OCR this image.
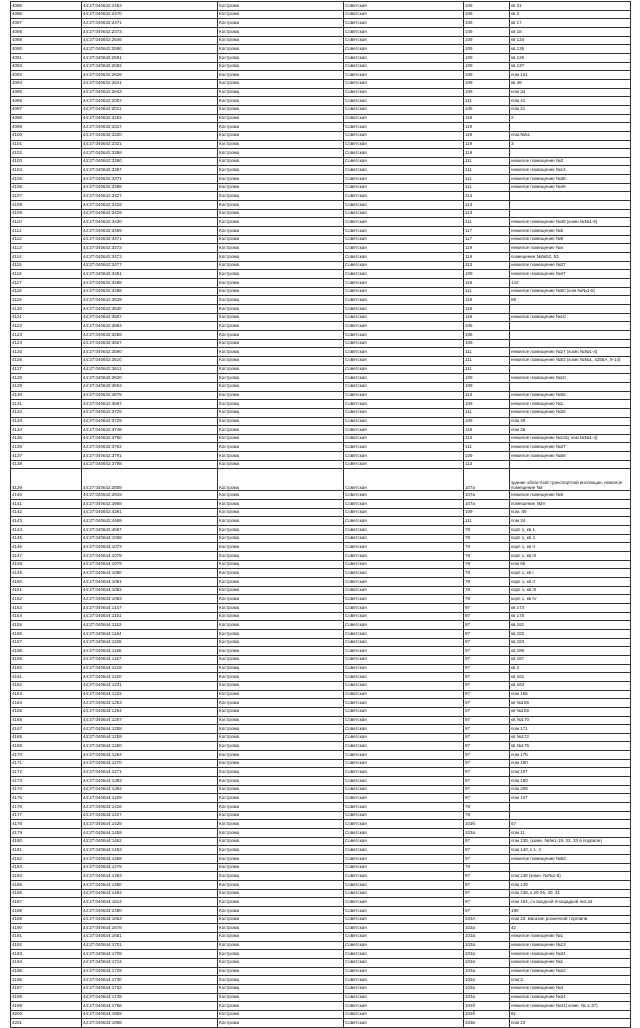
4085	44:27:040642:2463	Кострома	Советская	109	кв 31
4086	44:27:040642:2470	Кострома	Советская	109	кв 2
4087	44:27:040642:2471	Кострома	Советская	109	кв 17
4088	44:27:040642:2473	Кострома	Советская	109	кв 18
4089	44:27:040642:2546	Кострома	Советская	109	кв 134
4090	44:27:040642:2590	Кострома	Советская	109	кв 135
4091	44:27:040642:2591	Кострома	Советская	109	кв 136
4092	44:27:040642:2592	Кострома	Советская	109	кв 137
4093	44:27:040642:2628	Кострома	Советская	109	пом 131
4094	44:27:040642:2641	Кострома	Советская	109	кв 48
4095	44:27:040642:2643	Кострома	Советская	109	пом 34
4096	44:27:040642:2007	Кострома	Советская	111	пом 41
4097	44:27:040642:2011	Кострома	Советская	105	пом 21
4098	44:27:040642:3262	Кострома	Советская	119	2
4099	44:27:040642:3317	Кострома	Советская	119	
4100	44:27:040642:3320	Кострома	Советская	119	пом.№51
4101	44:27:040642:3321	Кострома	Советская	119	3
4102	44:27:040642:3358	Кострома	Советская	119	
4103	44:27:040642:3360	Кострома	Советская	111	нежилое помещение №3
4104	44:27:040642:3367	Кострома	Советская	111	нежилое помещение №14
4105	44:27:040642:3371	Кострома	Советская	111	нежилое помещение №38
4106	44:27:040642:3396	Кострома	Советская	111	нежилое помещение №46
4107	44:27:040642:3427	Кострома	Советская	113	
4108	44:27:040642:3428	Кострома	Советская	113	
4109	44:27:040642:3429	Кострома	Советская	113	
4110	44:27:040642:3430	Кострома	Советская	111	нежилое помещение №49 (комн.№№1-5)
4111	44:27:040642:3469	Кострома	Советская	117	нежилое помещение №5
4112	44:27:040642:3471	Кострома	Советская	117	нежилое помещение №9
4113	44:27:040642:3472	Кострома	Советская	119	нежилое помещение №4
4114	44:27:040642:3473	Кострома	Советская	119	помещение №№52, 53
4115	44:27:040642:3477	Кострома	Советская	113	нежилое помещение №27
4116	44:27:040642:3481	Кострома	Советская	109	нежилое помещение №47
4117	44:27:040642:3488	Кострома	Советская	119	143
4118	44:27:040642:3496	Кострома	Советская	111	нежилое помещение №50 (ком.№№1-5)
4119	44:27:040642:3529	Кострома	Советская	119	69
4120	44:27:040642:3530	Кострома	Советская	119	
4121	44:27:040642:3557	Кострома	Советская	119	нежилое помещение №10
4122	44:27:040642:3564	Кострома	Советская	105	
4123	44:27:040642:3568	Кострома	Советская	105	
4124	44:27:040642:3567	Кострома	Советская	109	
4125	44:27:040642:3590	Кострома	Советская	111	нежилое помещение №27 (комн.№№1-4)
4126	44:27:040642:3610	Кострома	Советская	111	нежилое помещение №53 (комн.№№1, 4255А, 9-14)
4127	44:27:040642:3611	Кострома	Советская	111	
4128	44:27:040642:3620	Кострома	Советская	109	нежилое помещение №10
4129	44:27:040642:3653	Кострома	Советская	109	
4130	44:27:040642:3675	Кострома	Советская	113	нежилое помещение №55
4131	44:27:040642:3697	Кострома	Советская	109	нежилое помещение №1
4132	44:27:040642:3726	Кострома	Советская	111	нежилое помещение №26
4133	44:27:040642:3729	Кострома	Советская	109	пом 48
4134	44:27:040642:3748	Кострома	Советская	119	пом 28
4135	44:27:040642:3750	Кострома	Советская	113	нежилое помещение №131( ком.№№1-4)
4136	44:27:040642:3754	Кострома	Советская	111	нежилое помещение №47
4137	44:27:040642:3791	Кострома	Советская	109	нежилое помещение №56
4138	44:27:040642:3798	Кострома	Советская	113	
4139	44:27:040642:3808	Кострома	Советская	107а	здание областной транспортной инспекции, нежилое помещение №I
4140	44:27:040642:3919	Кострома	Советская	107а	нежилое помещение №II
4141	44:27:040642:3968	Кострома	Советская	107а	помещение №IV
4142	44:27:040642:4391	Кострома	Советская	109	пом. 89
4143	44:27:040642:4469	Кострома	Советская	111	пом 34
4144	44:27:040642:4667	Кострома	Советская	79	корп 1, кв 1
4145	44:27:040644:1068	Кострома	Советская	79	корп 1, кв 4
4146	44:27:040644:1073	Кострома	Советская	79	корп 1, кв II
4147	44:27:040644:1078	Кострома	Советская	79	корп 1, кв III
4148	44:27:040644:1079	Кострома	Советская	79	пом 65
4149	44:27:040644:1080	Кострома	Советская	79	корп 1, кв I
4150	44:27:040644:1081	Кострома	Советская	79	корп 1, кв II
4151	44:27:040644:1082	Кострома	Советская	79	корп 1, кв III
4152	44:27:040644:1083	Кострома	Советская	79	корп 1, кв IV
4153	44:27:040644:1147	Кострома	Советская	97	кв 174
4154	44:27:040644:1151	Кострома	Советская	97	кв 175
4155	44:27:040644:1152	Кострома	Советская	97	кв 181
4156	44:27:040644:1154	Кострома	Советская	97	кв 182
4157	44:27:040644:1155	Кострома	Советская	97	кв 183
4158	44:27:040644:1156	Кострома	Советская	97	кв 186
4159	44:27:040644:1157	Кострома	Советская	97	кв 187
4160	44:27:040644:1218	Кострома	Советская	97	кв 2
4161	44:27:040644:1220	Кострома	Советская	97	кв 162
4162	44:27:040644:1221	Кострома	Советская	97	кв 163
4163	44:27:040644:1222	Кострома	Советская	97	пом 165
4164	44:27:040644:1253	Кострома	Советская	97	кв №166
4165	44:27:040644:1254	Кострома	Советская	97	кв №169
4166	44:27:040644:1257	Кострома	Советская	97	кв №170
4167	44:27:040644:1258	Кострома	Советская	97	пом 171
4168	44:27:040644:1259	Кострома	Советская	97	кв №172
4169	44:27:040644:1260	Кострома	Советская	97	кв №175
4170	44:27:040644:1264	Кострома	Советская	97	пом 176
4171	44:27:040644:1270	Кострома	Советская	97	пом 180
4172	44:27:040644:1271	Кострома	Советская	97	пом 187
4173	44:27:040644:1393	Кострома	Советская	97	пом 180
4174	44:27:040644:1394	Кострома	Советская	97	пом 208
4175	44:27:040644:1425	Кострома	Советская	97	пом 137
4176	44:27:040644:1426	Кострома	Советская	79	
4177	44:27:040644:1427	Кострома	Советская	79	
4178	44:27:040644:1428	Кострома	Советская	103б	67
4179	44:27:040644:1459	Кострома	Советская	103а	пом 11
4180	44:27:040644:1462	Кострома	Советская	97	пом 138, (комн. №№1-19, 32, 33 в подвале)
4181	44:27:040644:1463	Кострома	Советская	97	пом 140, к 1, 2
4182	44:27:040644:1469	Кострома	Советская	97	нежилое помещение №53
4183	44:27:040644:1475	Кострома	Советская	79	
4184	44:27:040644:1484	Кострома	Советская	97	пом 138 (комн. №№1-9)
4185	44:27:040644:1490	Кострома	Советская	97	пом 139
4186	44:27:040644:1494	Кострома	Советская	97	пом 138, к 20-25, 30, 31
4187	44:27:040644:1512	Кострома	Советская	97	пом 164, со входной площадкой лит.а3
4188	44:27:040644:2480	Кострома	Советская	97	190
4189	44:27:040644:1663	Кострома	Советская	103А	пом 23, магазин розничной торговли
4190	44:27:040644:1678	Кострома	Советская	103а	42
4191	44:27:040644:1681	Кострома	Советская	103а	нежилое помещение №1
4192	44:27:040644:1701	Кострома	Советская	103а	нежилое помещение №13
4193	44:27:040644:1708	Кострома	Советская	103а	нежилое помещение №24
4194	44:27:040644:1712	Кострома	Советская	103а	нежилое помещение №1
4195	44:27:040644:1729	Кострома	Советская	103а	нежилое помещение №22
4196	44:27:040644:1730	Кострома	Советская	103а	пом 3
4197	44:27:040644:1732	Кострома	Советская	103а	нежилое помещение №4
4198	44:27:040644:1748	Кострома	Советская	103а	нежилое помещение №24
4199	44:27:040644:1766	Кострома	Советская	103б	нежилое помещение №41( комн. № 1-37)
4200	44:27:040644:1955	Кострома	Советская	103б	81
4201	44:27:040644:1968	Кострома	Советская	103в	пом 23
